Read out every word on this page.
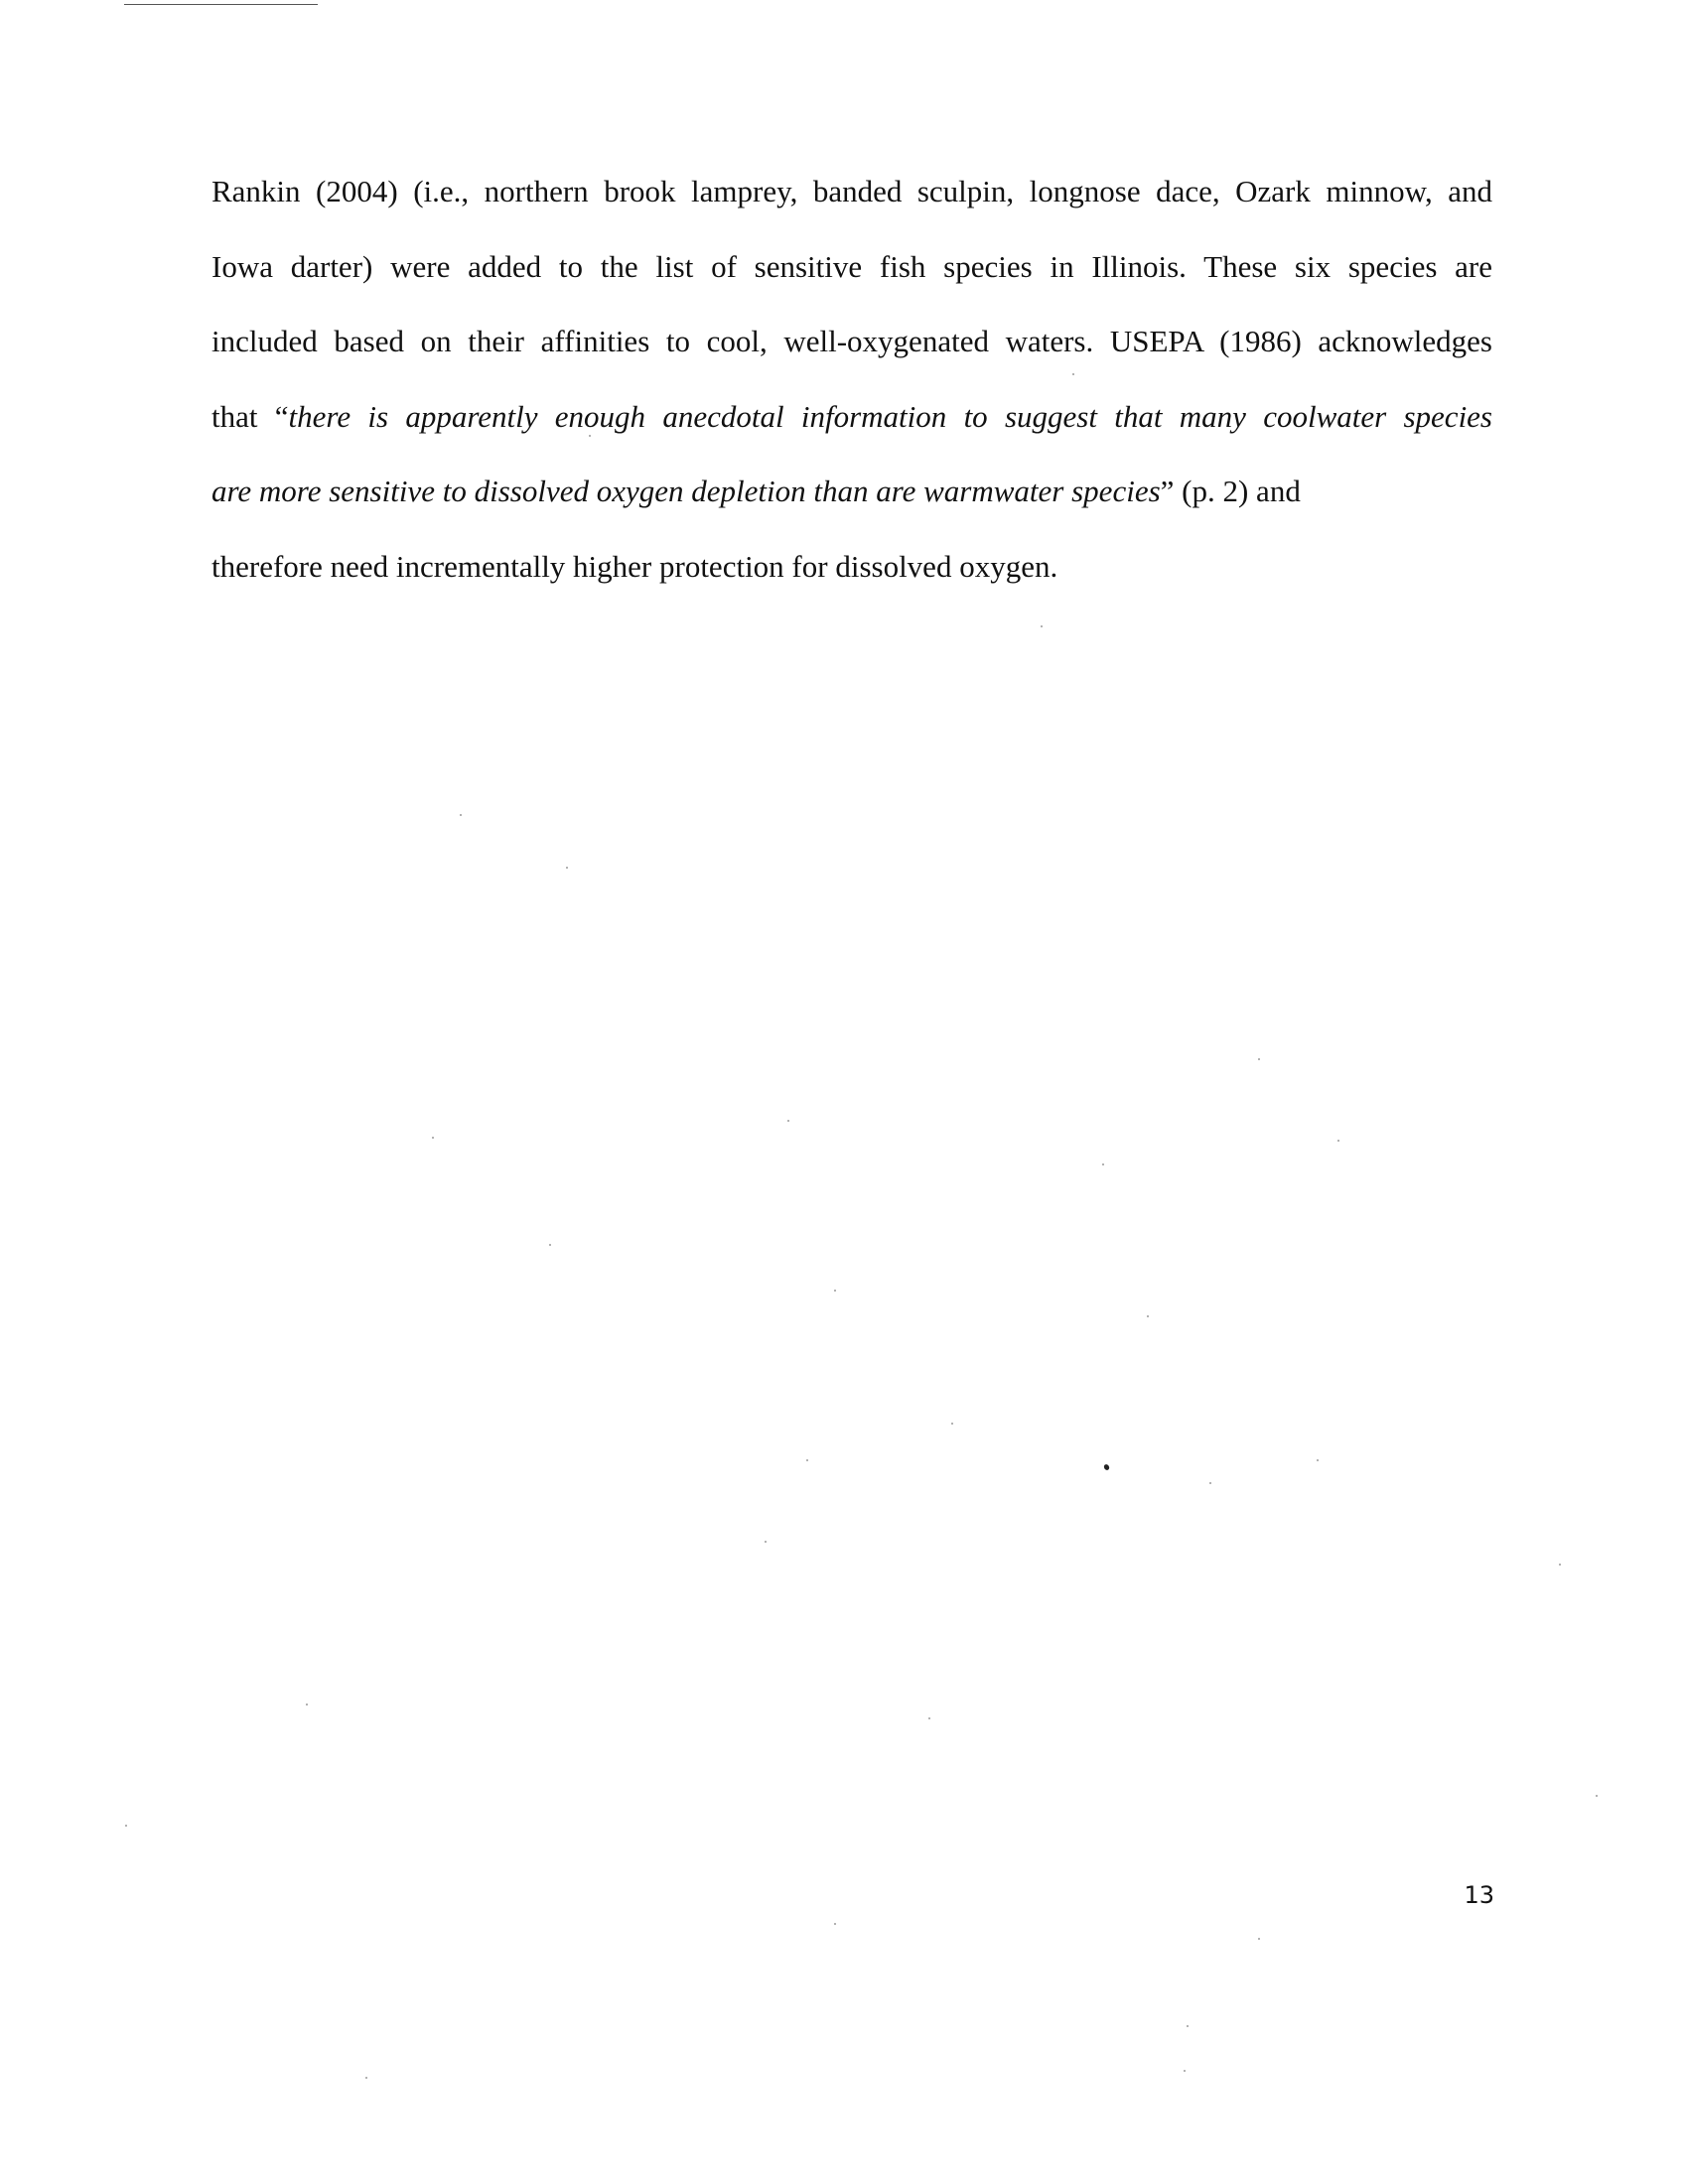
Rankin (2004) (i.e., northern brook lamprey, banded sculpin, longnose dace, Ozark minnow, and
Iowa darter) were added to the list of sensitive fish species in Illinois. These six species are
included based on their affinities to cool, well-oxygenated waters. USEPA (1986) acknowledges
that “there is apparently enough anecdotal information to suggest that many coolwater species
are more sensitive to dissolved oxygen depletion than are warmwater species” (p. 2) and
therefore need incrementally higher protection for dissolved oxygen.
13
